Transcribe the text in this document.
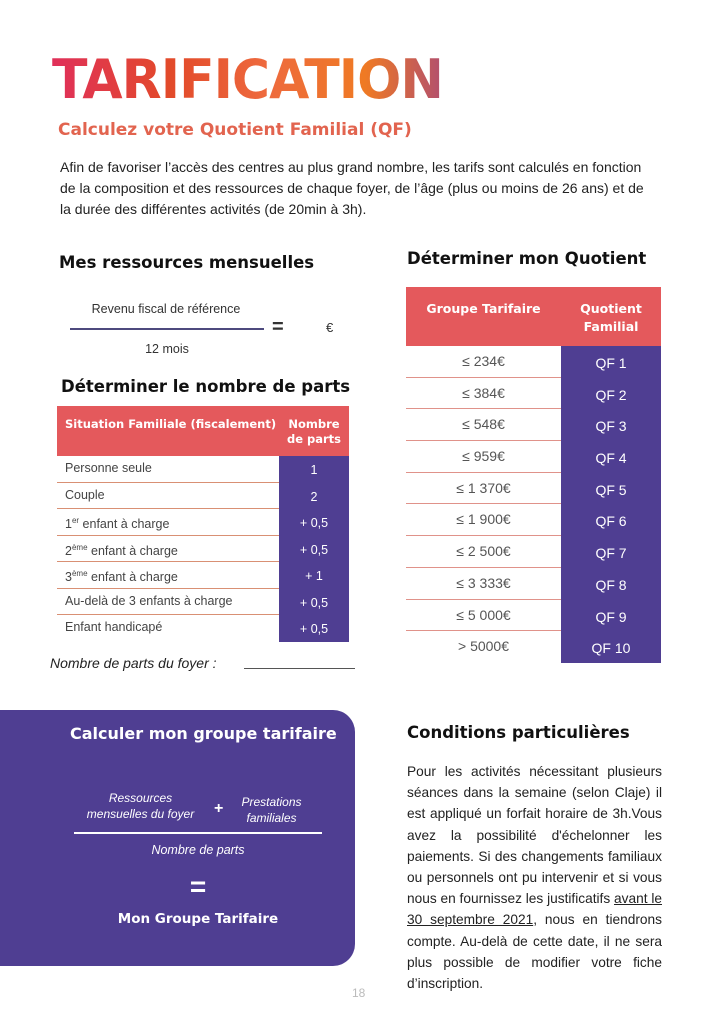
TARIFICATION
Calculez votre Quotient Familial (QF)

Afin de favoriser l’accès des centres au plus grand nombre, les tarifs sont calculés en fonction de la composition et des ressources de chaque foyer, de l’âge (plus ou moins de 26 ans) et de la durée des différentes activités (de 20min à 3h).

Mes ressources mensuelles
Revenu fiscal de référence
=	€
12 mois
Déterminer le nombre de parts
Situation Familiale (fiscalement)	Nombre de parts
Personne seule	1
Couple	2
1er enfant à charge	+ 0,5
2ème enfant à charge	+ 0,5
3ème enfant à charge	+ 1
Au-delà de 3 enfants à charge	+ 0,5
Enfant handicapé	+ 0,5
Nombre de parts du foyer :
Déterminer mon Quotient
Groupe Tarifaire	Quotient Familial
≤ 234€	QF 1
≤ 384€	QF 2
≤ 548€	QF 3
≤ 959€	QF 4
≤ 1 370€	QF 5
≤ 1 900€	QF 6
≤ 2 500€	QF 7
≤ 3 333€	QF 8
≤ 5 000€	QF 9
> 5000€	QF 10
Calculer mon groupe tarifaire
Ressources mensuelles du foyer	+	Prestations familiales
Nombre de parts
=
Mon Groupe Tarifaire
Conditions particulières

Pour les activités nécessitant plusieurs séances dans la semaine (selon Claje) il est appliqué un forfait horaire de 3h.Vous avez la possibilité d'échelonner les paiements. Si des changements familiaux ou personnels ont pu intervenir et si vous nous en fournissez les justificatifs avant le 30 septembre 2021, nous en tiendrons compte. Au-delà de cette date, il ne sera plus possible de modifier votre fiche d’inscription.

18
